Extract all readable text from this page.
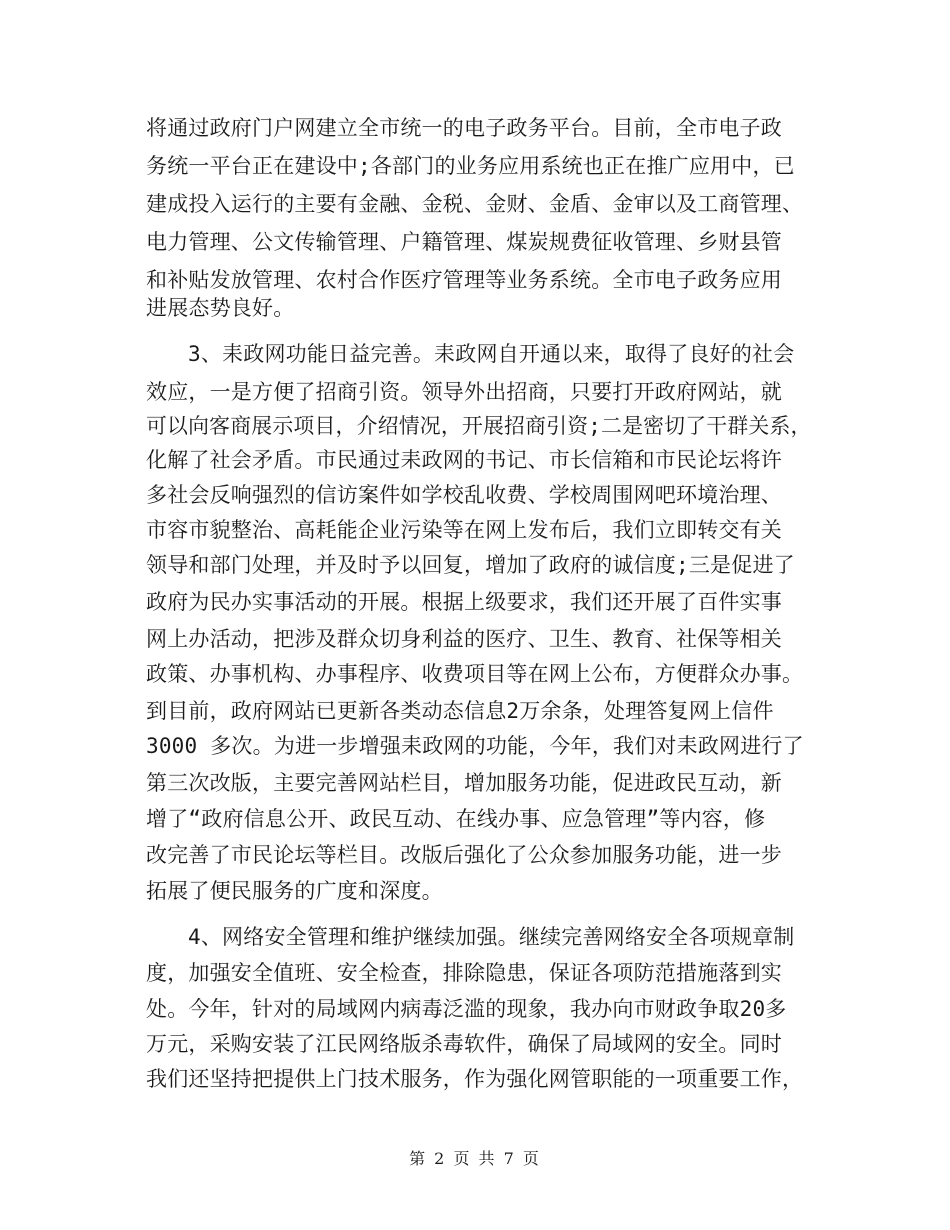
将通过政府门户网建立全市统一的电子政务平台。目前，全市电子政
务统一平台正在建设中;各部门的业务应用系统也正在推广应用中，已
建成投入运行的主要有金融、金税、金财、金盾、金审以及工商管理、
电力管理、公文传输管理、户籍管理、煤炭规费征收管理、乡财县管
和补贴发放管理、农村合作医疗管理等业务系统。全市电子政务应用
进展态势良好。
3、耒政网功能日益完善。耒政网自开通以来，取得了良好的社会
效应，一是方便了招商引资。领导外出招商，只要打开政府网站，就
可以向客商展示项目，介绍情况，开展招商引资;二是密切了干群关系，
化解了社会矛盾。市民通过耒政网的书记、市长信箱和市民论坛将许
多社会反响强烈的信访案件如学校乱收费、学校周围网吧环境治理、
市容市貌整治、高耗能企业污染等在网上发布后，我们立即转交有关
领导和部门处理，并及时予以回复，增加了政府的诚信度;三是促进了
政府为民办实事活动的开展。根据上级要求，我们还开展了百件实事
网上办活动，把涉及群众切身利益的医疗、卫生、教育、社保等相关
政策、办事机构、办事程序、收费项目等在网上公布，方便群众办事。
到目前，政府网站已更新各类动态信息2万余条，处理答复网上信件
3000 多次。为进一步增强耒政网的功能，今年，我们对耒政网进行了
第三次改版，主要完善网站栏目，增加服务功能，促进政民互动，新
增了“政府信息公开、政民互动、在线办事、应急管理”等内容，修
改完善了市民论坛等栏目。改版后强化了公众参加服务功能，进一步
拓展了便民服务的广度和深度。
4、网络安全管理和维护继续加强。继续完善网络安全各项规章制
度，加强安全值班、安全检查，排除隐患，保证各项防范措施落到实
处。今年，针对的局域网内病毒泛滥的现象，我办向市财政争取20多
万元，采购安装了江民网络版杀毒软件，确保了局域网的安全。同时
我们还坚持把提供上门技术服务，作为强化网管职能的一项重要工作，
第 2 页 共 7 页
